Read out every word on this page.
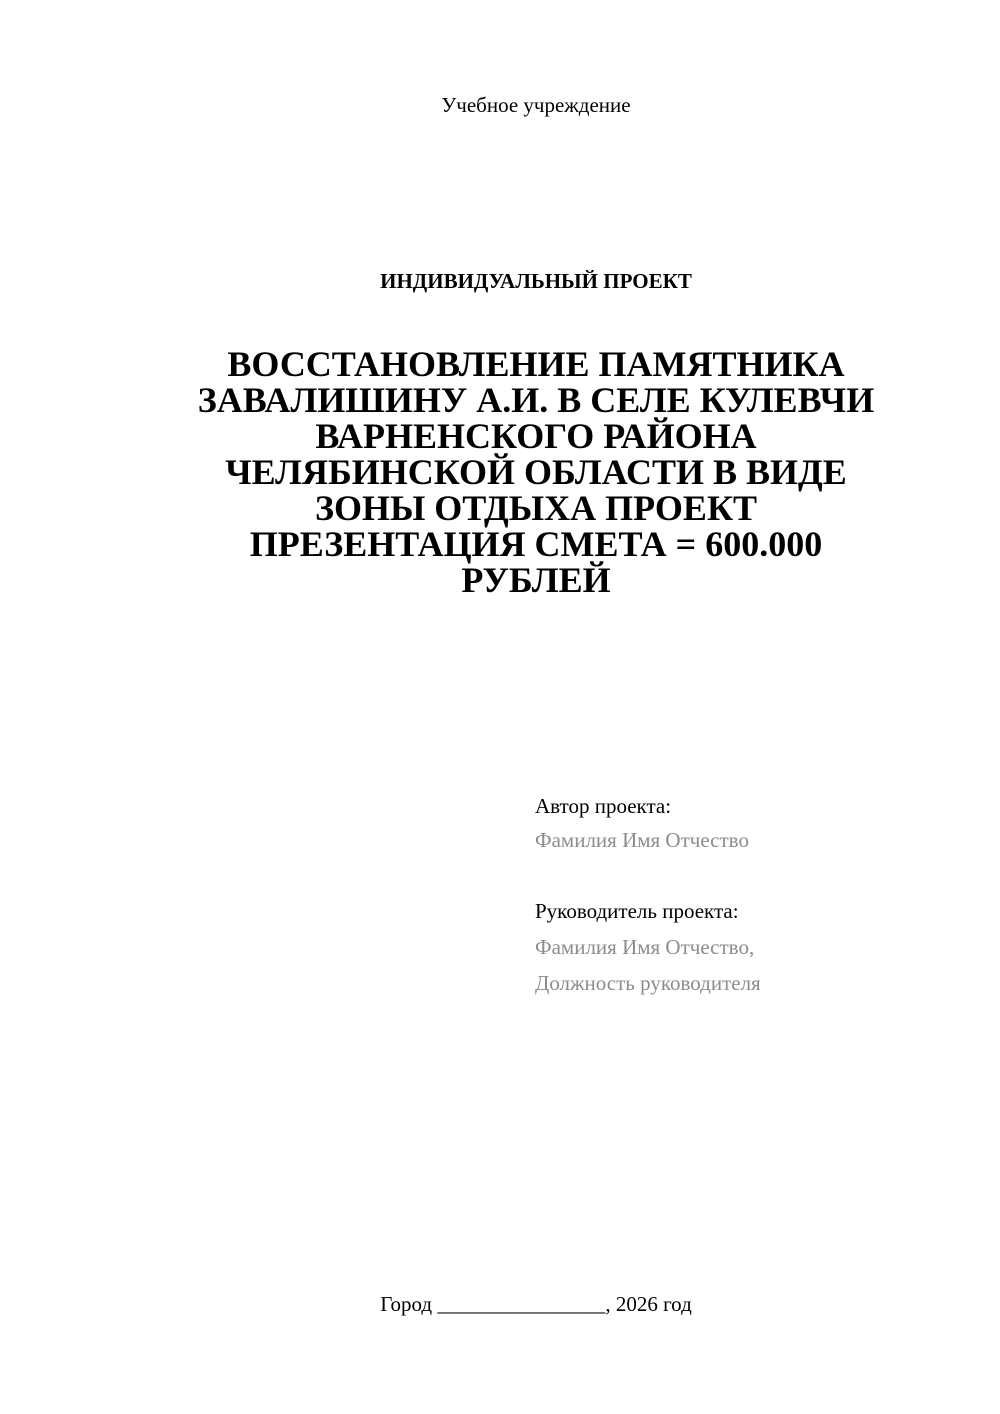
Учебное учреждение
ИНДИВИДУАЛЬНЫЙ ПРОЕКТ
ВОССТАНОВЛЕНИЕ ПАМЯТНИКА
ЗАВАЛИШИНУ А.И. В СЕЛЕ КУЛЕВЧИ
ВАРНЕНСКОГО РАЙОНА
ЧЕЛЯБИНСКОЙ ОБЛАСТИ В ВИДЕ
ЗОНЫ ОТДЫХА ПРОЕКТ
ПРЕЗЕНТАЦИЯ СМЕТА = 600.000
РУБЛЕЙ
Автор проекта:
Фамилия Имя Отчество
Руководитель проекта:
Фамилия Имя Отчество,
Должность руководителя
Город ________________, 2026 год
